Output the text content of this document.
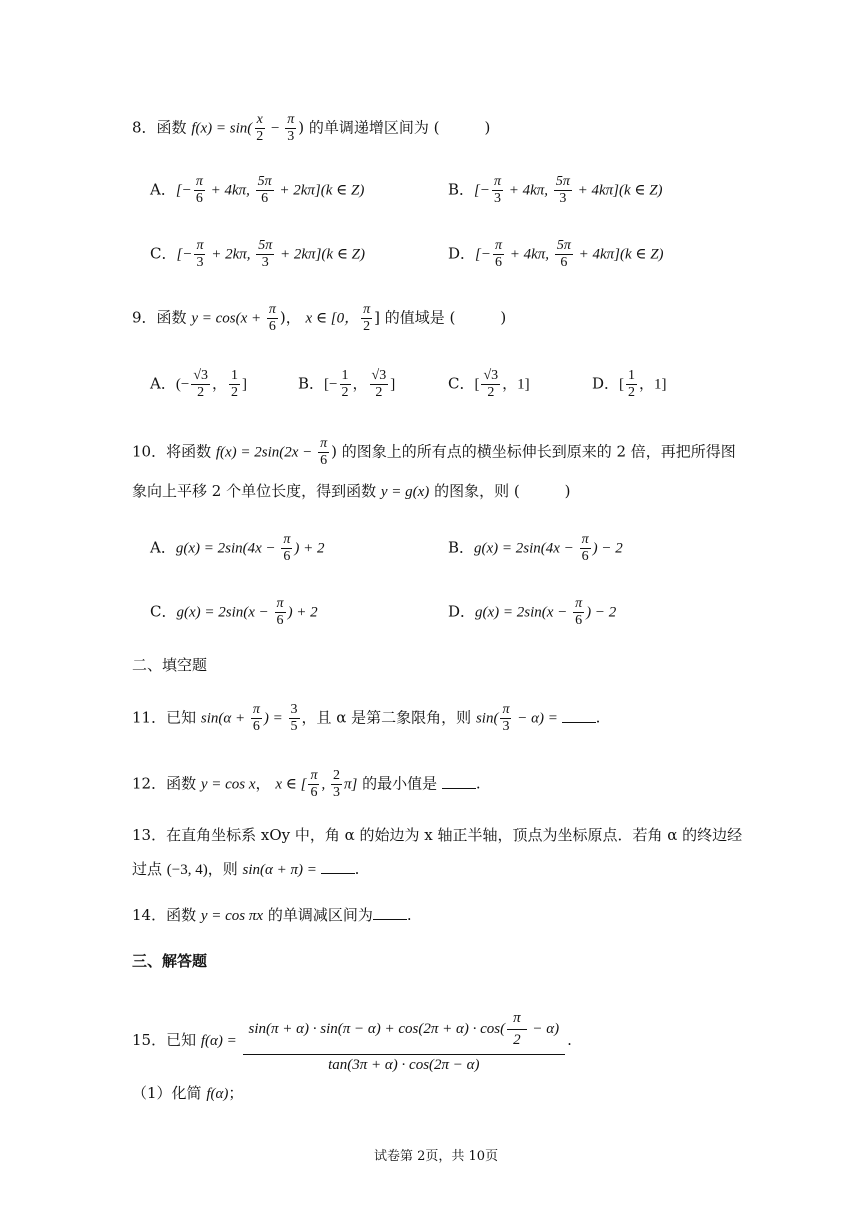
8．函数 $f(x) = \sin( \frac{x}{2} - \frac{\pi}{3}$ ) 的单调递增区间为 (　　　)
A．[− $\frac{\pi}{6} + 4k\pi$, $\frac{5\pi}{6} + 2k\pi](k$ ∈ Z)	B．[− $\frac{\pi}{3} + 4k\pi$, $\frac{5\pi}{3} + 4k\pi](k$ ∈ Z)
C．[− $\frac{\pi}{3} + 2k\pi$, $\frac{5\pi}{3} + 2k\pi](k$ ∈ Z)	D．[− $\frac{\pi}{6} + 4k\pi$, $\frac{5\pi}{6} + 4k\pi](k$ ∈ Z)
9．函数 $y = \cos(x + \frac{\pi}{6}$ )， x ∈ [0， $\frac{\pi}{2}$ ] 的值域是 (　　　)
A．(− $\frac{√3}{2}$ ， $\frac{1}{2}$ ]	B．[− $\frac{1}{2}$ ， $\frac{√3}{2}$ ]	C．[ $\frac{√3}{2}$ ，1]	D．[ $\frac{1}{2}$ ，1]
10．将函数 $f(x) = 2\sin(2x - \frac{\pi}{6}$ ) 的图象上的所有点的横坐标伸长到原来的 2 倍，再把所得图
象向上平移 2 个单位长度，得到函数 y = g(x) 的图象，则 (　　　)
A．$g(x) = 2\sin(4x - \frac{\pi}{6}$ ) + 2	B．$g(x) = 2\sin(4x - \frac{\pi}{6}$ ) − 2
C．$g(x) = 2\sin(x - \frac{\pi}{6}$ ) + 2	D．$g(x) = 2\sin(x - \frac{\pi}{6}$ ) − 2
二、填空题
11．已知 $\sin(\alpha + \frac{\pi}{6}$ ) = $\frac{3}{5}$ ，且 α 是第二象限角，则 $\sin( \frac{\pi}{3} - \alpha)$ = .
12．函数 y = cos x， x ∈ [ $\frac{\pi}{6}$ , $\frac{2}{3} \pi$] 的最小值是 .
13．在直角坐标系 xOy 中，角 α 的始边为 x 轴正半轴，顶点为坐标原点．若角 α 的终边经
过点 (−3, 4)，则 sin(α + π) = .
14．函数 y = cos πx 的单调减区间为 .
三、解答题
15．已知 $f(\alpha) = \frac{\sin(\pi + \alpha) \cdot \sin(\pi - \alpha) + \cos(2\pi + \alpha) \cdot \cos( \frac{\pi}{2} - \alpha)}{\tan(3\pi + \alpha) \cdot \cos(2\pi - \alpha)}$ .
（1）化简 f(α)；
试卷第 2页，共 10页
